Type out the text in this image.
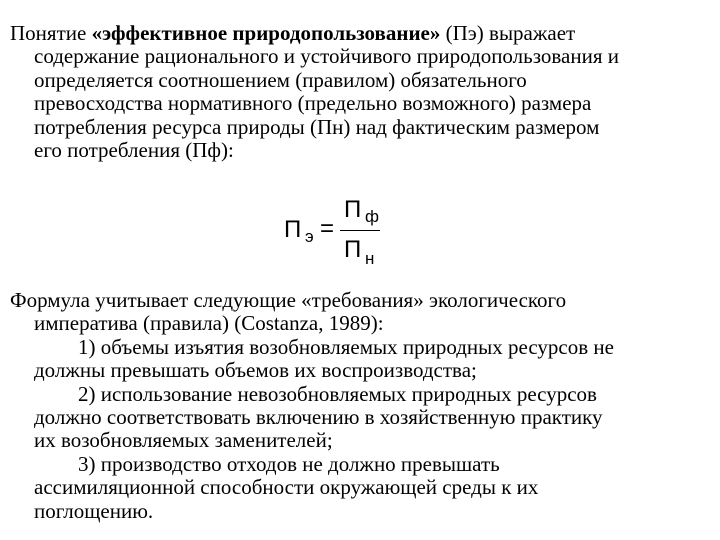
Понятие «эффективное природопользование» (Пэ) выражает
содержание рационального и устойчивого природопользования и
определяется соотношением (правилом) обязательного
превосходства нормативного (предельно возможного) размера
потребления ресурса природы (Пн) над фактическим размером
его потребления (Пф):
П э =
П ф
П н
Формула учитывает следующие «требования» экологического
императива (правила) (Costanza, 1989):
1) объемы изъятия возобновляемых природных ресурсов не
должны превышать объемов их воспроизводства;
2) использование невозобновляемых природных ресурсов
должно соответствовать включению в хозяйственную практику
их возобновляемых заменителей;
3) производство отходов не должно превышать
ассимиляционной способности окружающей среды к их
поглощению.
